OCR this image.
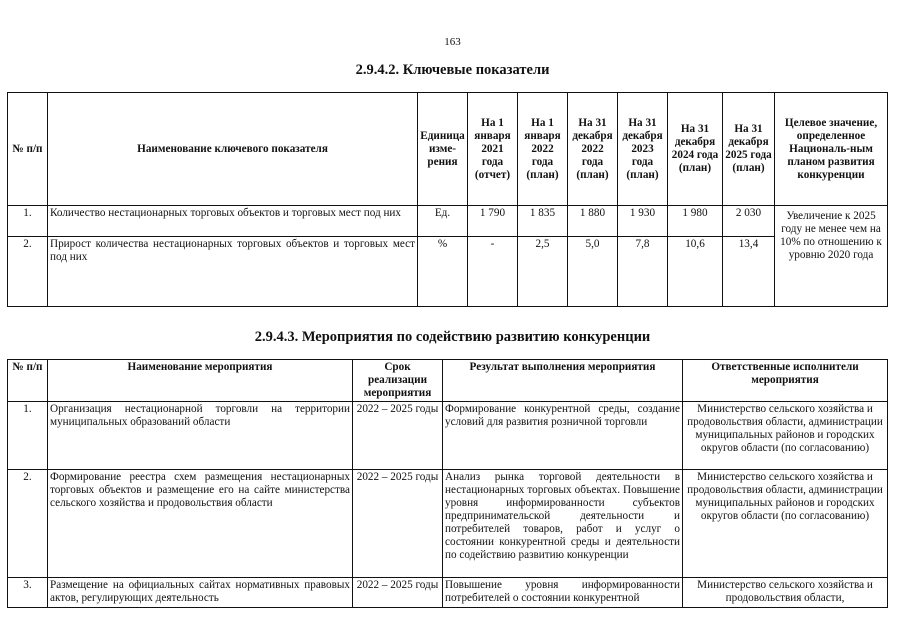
163
2.9.4.2. Ключевые показатели
№ п/п	Наименование ключевого показателя	Единица изме-рения	На 1 января 2021 года (отчет)	На 1 января 2022 года (план)	На 31 декабря 2022 года (план)	На 31 декабря 2023 года (план)	На 31 декабря 2024 года (план)	На 31 декабря 2025 года (план)	Целевое значение, определенное Националь-ным планом развития конкуренции
1.	Количество нестационарных торговых объектов и торговых мест под них	Ед.	1 790	1 835	1 880	1 930	1 980	2 030	Увеличение к 2025 году не менее чем на 10% по отношению к уровню 2020 года
2.	Прирост количества нестационарных торговых объектов и торговых мест под них	%	-	2,5	5,0	7,8	10,6	13,4	
2.9.4.3. Мероприятия по содействию развитию конкуренции
№ п/п	Наименование мероприятия	Срок реализации мероприятия	Результат выполнения мероприятия	Ответственные исполнители мероприятия
1.	Организация нестационарной торговли на территории муниципальных образований области	2022 – 2025 годы	Формирование конкурентной среды, создание условий для развития розничной торговли	Министерство сельского хозяйства и продовольствия области, администрации муниципальных районов и городских округов области (по согласованию)
2.	Формирование реестра схем размещения нестационарных торговых объектов и размещение его на сайте министерства сельского хозяйства и продовольствия области	2022 – 2025 годы	Анализ рынка торговой деятельности в нестационарных торговых объектах. Повышение уровня информированности субъектов предпринимательской деятельности и потребителей товаров, работ и услуг о состоянии конкурентной среды и деятельности по содействию развитию конкуренции	Министерство сельского хозяйства и продовольствия области, администрации муниципальных районов и городских округов области (по согласованию)
3.	Размещение на официальных сайтах нормативных правовых актов, регулирующих деятельность	2022 – 2025 годы	Повышение уровня информированности потребителей о состоянии конкурентной	Министерство сельского хозяйства и продовольствия области,
